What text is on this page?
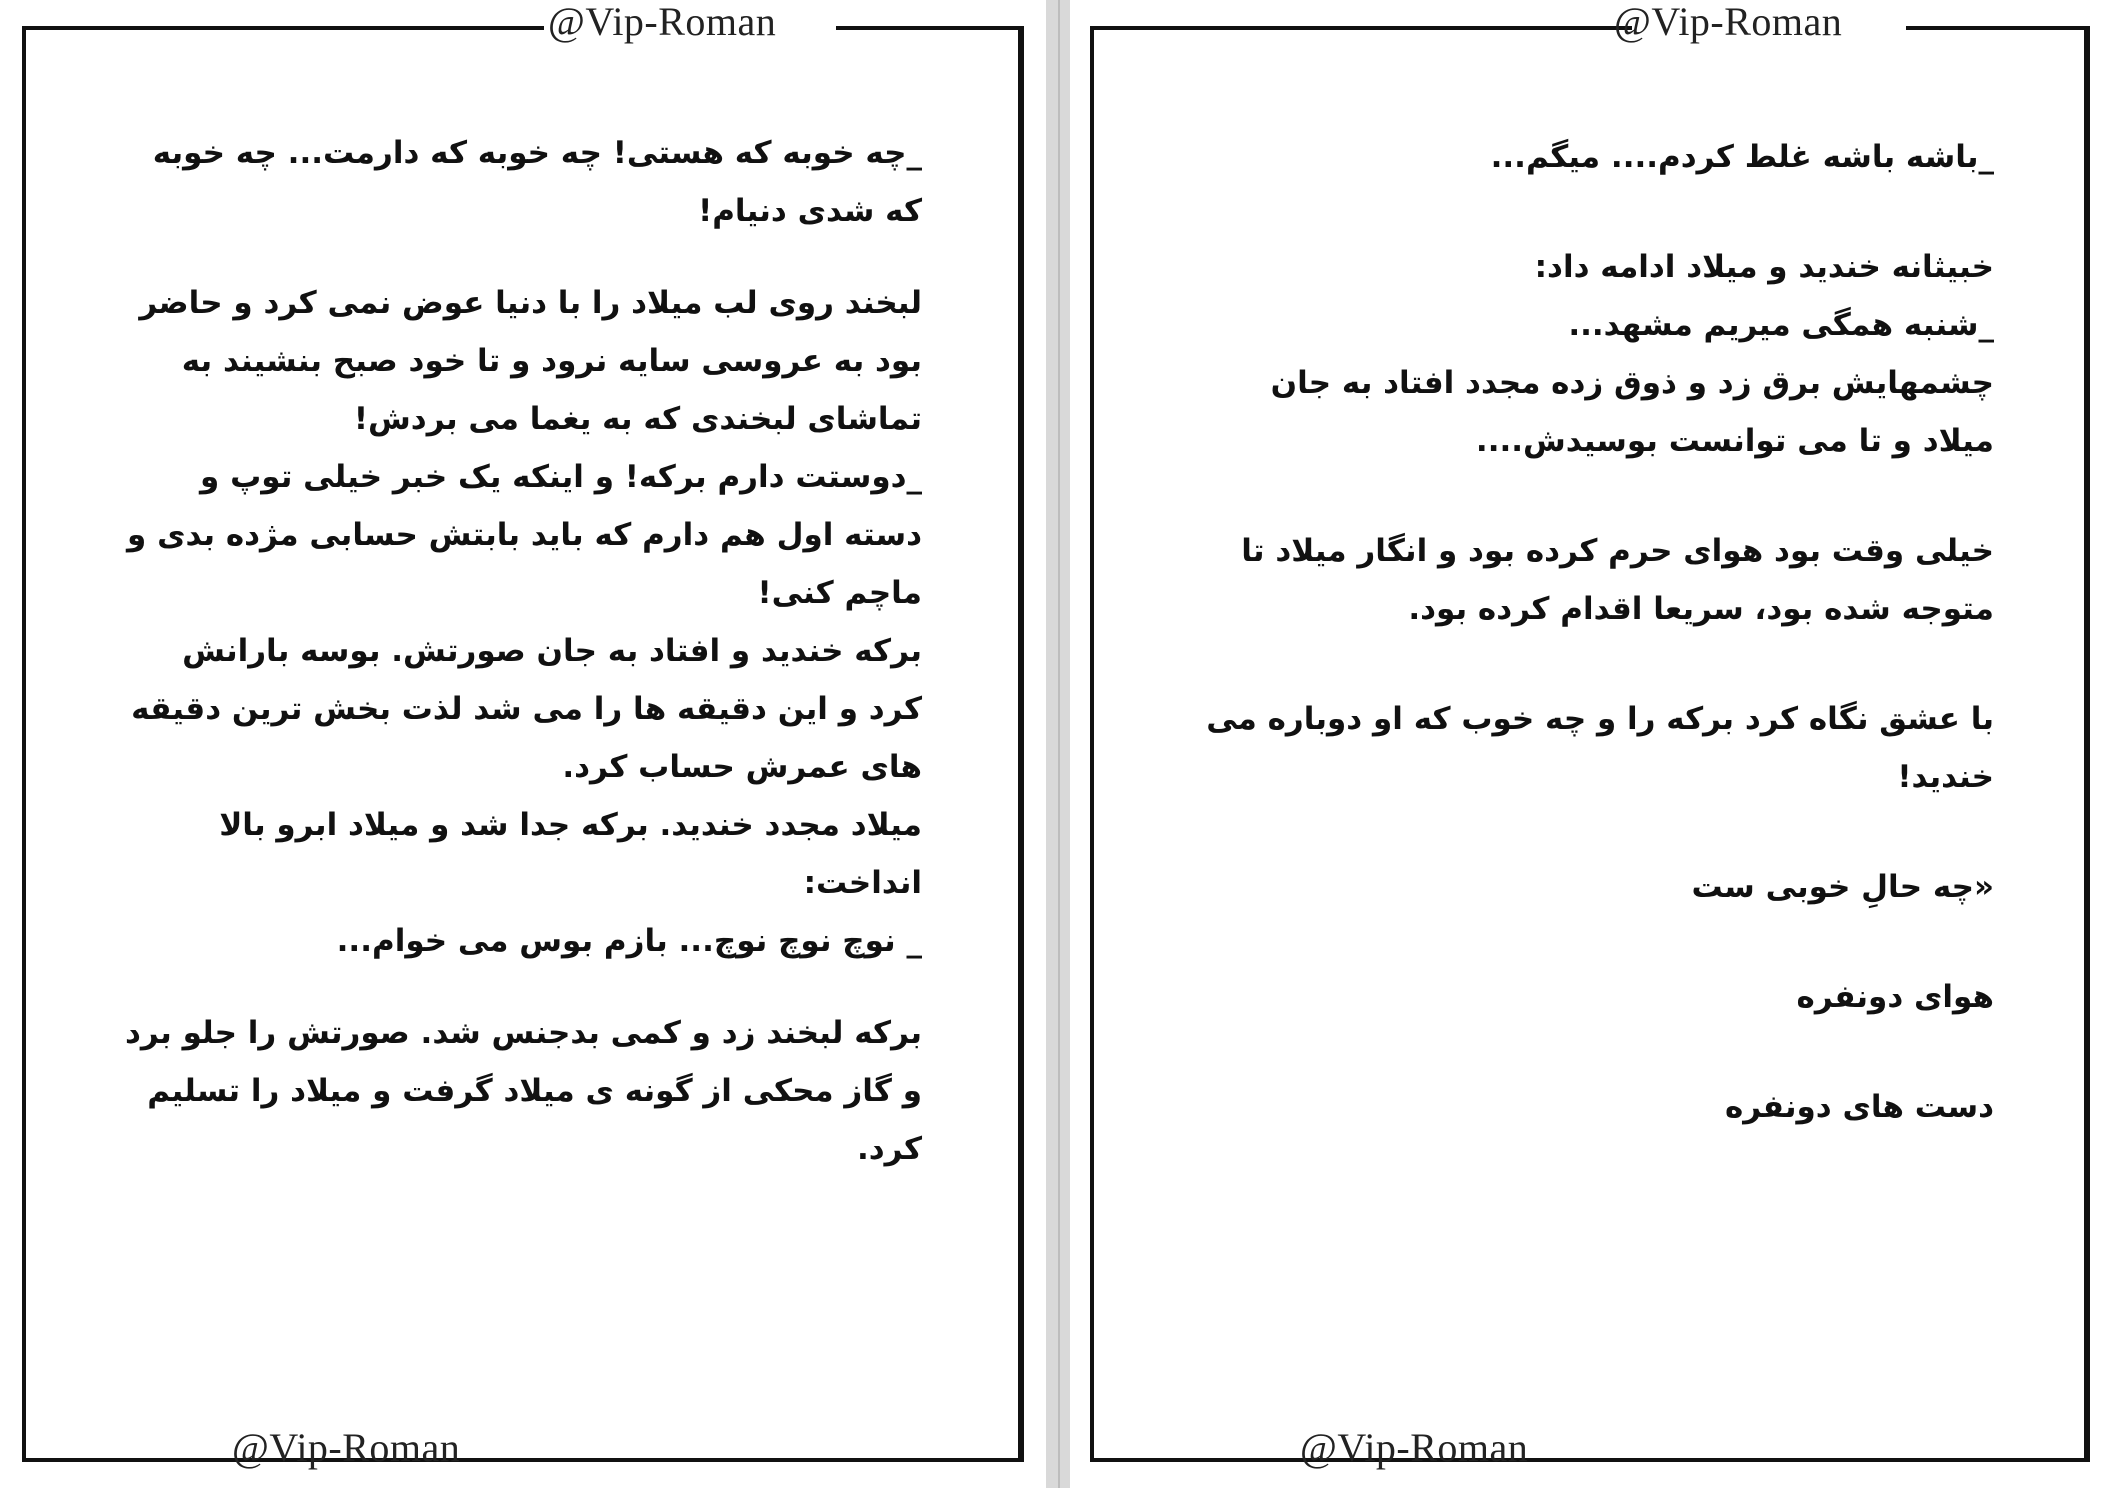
@Vip-Roman
@Vip-Roman

_چه خوبه که هستی! چه خوبه که دارمت... چه خوبه که شدی دنیام!

لبخند روی لب میلاد را با دنیا عوض نمی کرد و حاضر بود به عروسی سایه نرود و تا خود صبح بنشیند به تماشای لبخندی که به یغما می بردش!

_دوستت دارم برکه! و اینکه یک خبر خیلی توپ و دسته اول هم دارم که باید بابتش حسابی مژده بدی و ماچم کنی!

برکه خندید و افتاد به جان صورتش. بوسه بارانش کرد و این دقیقه ها را می شد لذت بخش ترین دقیقه های عمرش حساب کرد.

میلاد مجدد خندید. برکه جدا شد و میلاد ابرو بالا انداخت:

_ نوچ نوچ نوچ... بازم بوس می خوام...

برکه لبخند زد و کمی بدجنس شد. صورتش را جلو برد و گاز محکی از گونه ی میلاد گرفت و میلاد را تسلیم کرد.

@Vip-Roman
@Vip-Roman

_باشه باشه غلط کردم.... میگم...

خبیثانه خندید و میلاد ادامه داد:

_شنبه همگی میریم مشهد...

چشمهایش برق زد و ذوق زده مجدد افتاد به جان میلاد و تا می توانست بوسیدش....

خیلی وقت بود هوای حرم کرده بود و انگار میلاد تا متوجه شده بود، سریعا اقدام کرده بود.

با عشق نگاه کرد برکه را و چه خوب که او دوباره می خندید!

«چه حالِ خوبی ست

هوای دونفره

دست های دونفره
